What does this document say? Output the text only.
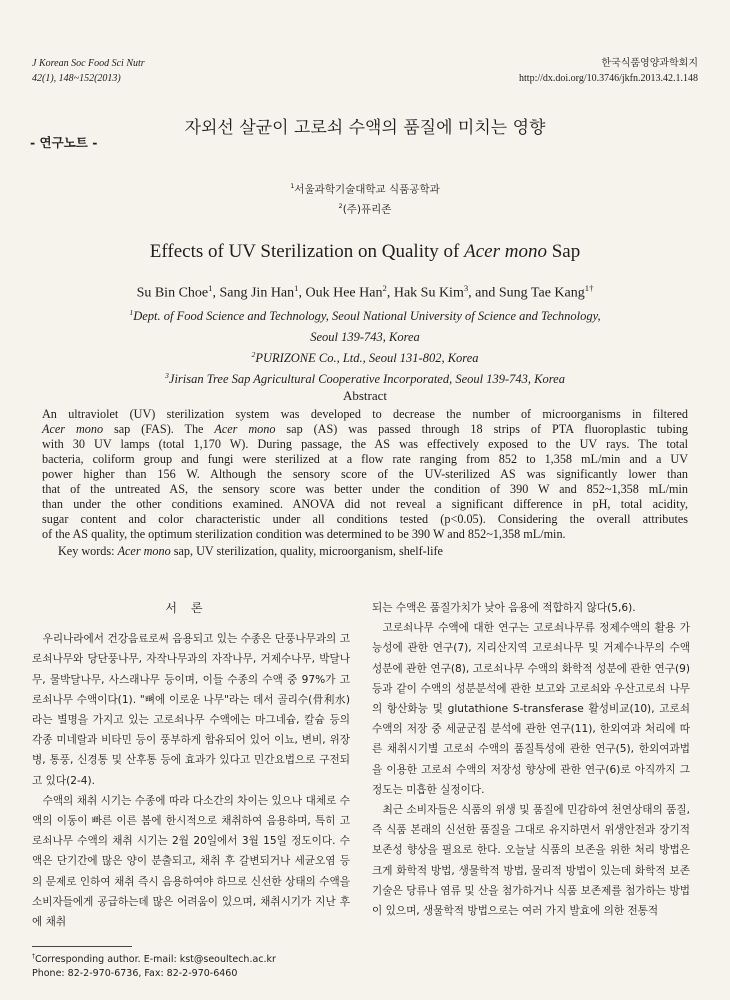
J Korean Soc Food Sci Nutr
42(1), 148~152(2013)
한국식품영양과학회지
http://dx.doi.org/10.3746/jkfn.2013.42.1.148
자외선 살균이 고로쇠 수액의 품질에 미치는 영향
- 연구노트 -
$^1$서울과학기술대학교 식품공학과
$^2$(주)퓨리존
Effects of UV Sterilization on Quality of Acer mono Sap
Su Bin Choe$^1$, Sang Jin Han$^1$, Ouk Hee Han$^2$, Hak Su Kim$^3$, and Sung Tae Kang$^{1\dagger}$
$^1$Dept. of Food Science and Technology, Seoul National University of Science and Technology,
Seoul 139-743, Korea
$^2$PURIZONE Co., Ltd., Seoul 131-802, Korea
$^3$Jirisan Tree Sap Agricultural Cooperative Incorporated, Seoul 139-743, Korea
Abstract
An ultraviolet (UV) sterilization system was developed to decrease the number of microorganisms in filtered
Acer mono sap (FAS). The Acer mono sap (AS) was passed through 18 strips of PTA fluoroplastic tubing
with 30 UV lamps (total 1,170 W). During passage, the AS was effectively exposed to the UV rays. The total
bacteria, coliform group and fungi were sterilized at a flow rate ranging from 852 to 1,358 mL/min and a UV
power higher than 156 W. Although the sensory score of the UV-sterilized AS was significantly lower than
that of the untreated AS, the sensory score was better under the condition of 390 W and 852~1,358 mL/min
than under the other conditions examined. ANOVA did not reveal a significant difference in pH, total acidity,
sugar content and color characteristic under all conditions tested (p<0.05). Considering the overall attributes
of the AS quality, the optimum sterilization condition was determined to be 390 W and 852~1,358 mL/min.
Key words: Acer mono sap, UV sterilization, quality, microorganism, shelf-life

서론

우리나라에서 건강음료로써 음용되고 있는 수종은 단풍나무과의 고로쇠나무와 당단풍나무, 자작나무과의 자작나무, 거제수나무, 박달나무, 물박달나무, 사스래나무 등이며, 이들 수종의 수액 중 97%가 고로쇠나무 수액이다(1). "뼈에 이로운 나무"라는 데서 골리수(骨利水)라는 별명을 가지고 있는 고로쇠나무 수액에는 마그네슘, 칼슘 등의 각종 미네랄과 비타민 등이 풍부하게 함유되어 있어 이뇨, 변비, 위장병, 통풍, 신경통 및 산후통 등에 효과가 있다고 민간요법으로 구전되고 있다(2-4).

수액의 채취 시기는 수종에 따라 다소간의 차이는 있으나 대체로 수액의 이동이 빠른 이른 봄에 한시적으로 채취하여 음용하며, 특히 고로쇠나무 수액의 채취 시기는 2월 20일에서 3월 15일 정도이다. 수액은 단기간에 많은 양이 분출되고, 채취 후 갈변되거나 세균오염 등의 문제로 인하여 채취 즉시 음용하여야 하므로 신선한 상태의 수액을 소비자들에게 공급하는데 많은 어려움이 있으며, 채취시기가 지난 후에 채취

되는 수액은 품질가치가 낮아 음용에 적합하지 않다(5,6).

고로쇠나무 수액에 대한 연구는 고로쇠나무류 정제수액의 활용 가능성에 관한 연구(7), 지리산지역 고로쇠나무 및 거제수나무의 수액성분에 관한 연구(8), 고로쇠나무 수액의 화학적 성분에 관한 연구(9) 등과 같이 수액의 성분분석에 관한 보고와 고로쇠와 우산고로쇠 나무의 항산화능 및 glutathione S-transferase 활성비교(10), 고로쇠 수액의 저장 중 세균군집 분석에 관한 연구(11), 한외여과 처리에 따른 채취시기별 고로쇠 수액의 품질특성에 관한 연구(5), 한외여과법을 이용한 고로쇠 수액의 저장성 향상에 관한 연구(6)로 아직까지 그 정도는 미흡한 실정이다.

최근 소비자들은 식품의 위생 및 품질에 민감하여 천연상태의 품질, 즉 식품 본래의 신선한 품질을 그대로 유지하면서 위생안전과 장기적 보존성 향상을 필요로 한다. 오늘날 식품의 보존을 위한 처리 방법은 크게 화학적 방법, 생물학적 방법, 물리적 방법이 있는데 화학적 보존기술은 당류나 염류 및 산을 첨가하거나 식품 보존제를 첨가하는 방법이 있으며, 생물학적 방법으로는 여러 가지 발효에 의한 전통적

†Corresponding author. E-mail: kst@seoultech.ac.kr
Phone: 82-2-970-6736, Fax: 82-2-970-6460
